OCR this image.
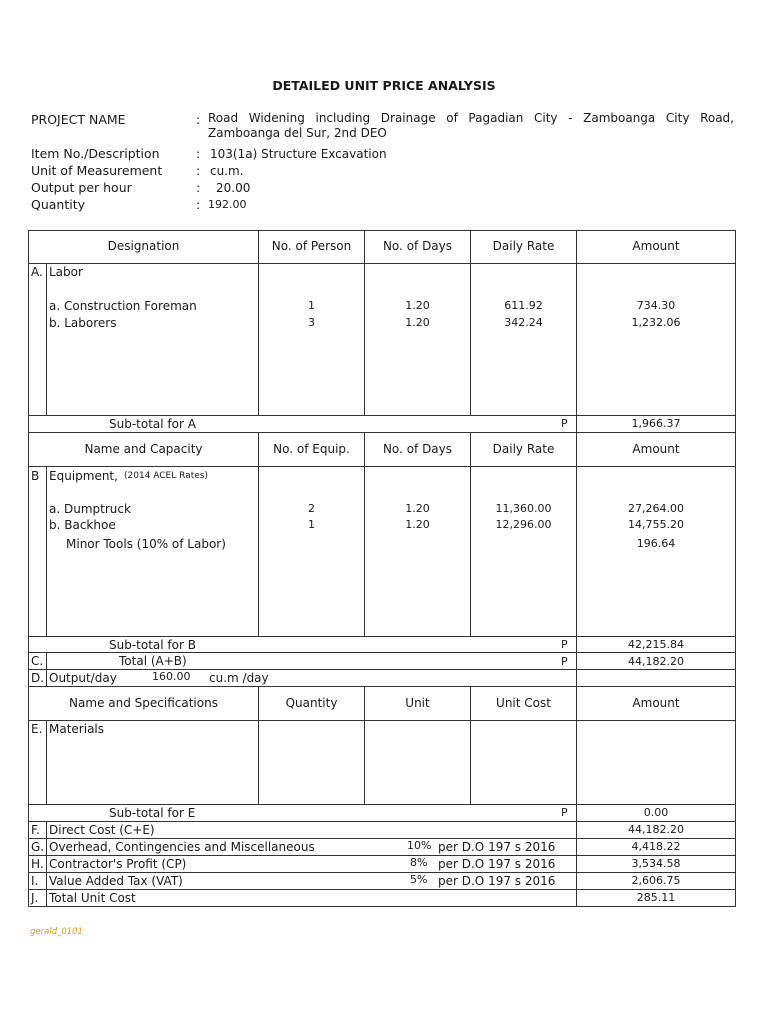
DETAILED UNIT PRICE ANALYSIS
PROJECT NAME	: Road Widening including Drainage of Pagadian City - Zamboanga City Road,
Zamboanga del Sur, 2nd DEO
Item No./Description	: 103(1a) Structure Excavation
Unit of Measurement	: cu.m.
Output per hour	: 20.00
Quantity	: 192.00
Designation	No. of Person	No. of Days	Daily Rate	Amount
A. Labor
a. Construction Foreman	1	1.20	611.92	734.30
b. Laborers	3	1.20	342.24	1,232.06
Sub-total for A	P	1,966.37
Name and Capacity	No. of Equip.	No. of Days	Daily Rate	Amount
B Equipment, (2014 ACEL Rates)
a. Dumptruck	2	1.20	11,360.00	27,264.00
b. Backhoe	1	1.20	12,296.00	14,755.20
Minor Tools (10% of Labor)	196.64
Sub-total for B	P	42,215.84
C.	Total (A+B)	P	44,182.20
D. Output/day	160.00 cu.m /day
Name and Specifications	Quantity	Unit	Unit Cost	Amount
E. Materials
Sub-total for E	P	0.00
F. Direct Cost (C+E)	44,182.20
G. Overhead, Contingencies and Miscellaneous	10% per D.O 197 s 2016	4,418.22
H. Contractor's Profit (CP)	8% per D.O 197 s 2016	3,534.58
I. Value Added Tax (VAT)	5% per D.O 197 s 2016	2,606.75
J. Total Unit Cost	285.11
gerald_0101
